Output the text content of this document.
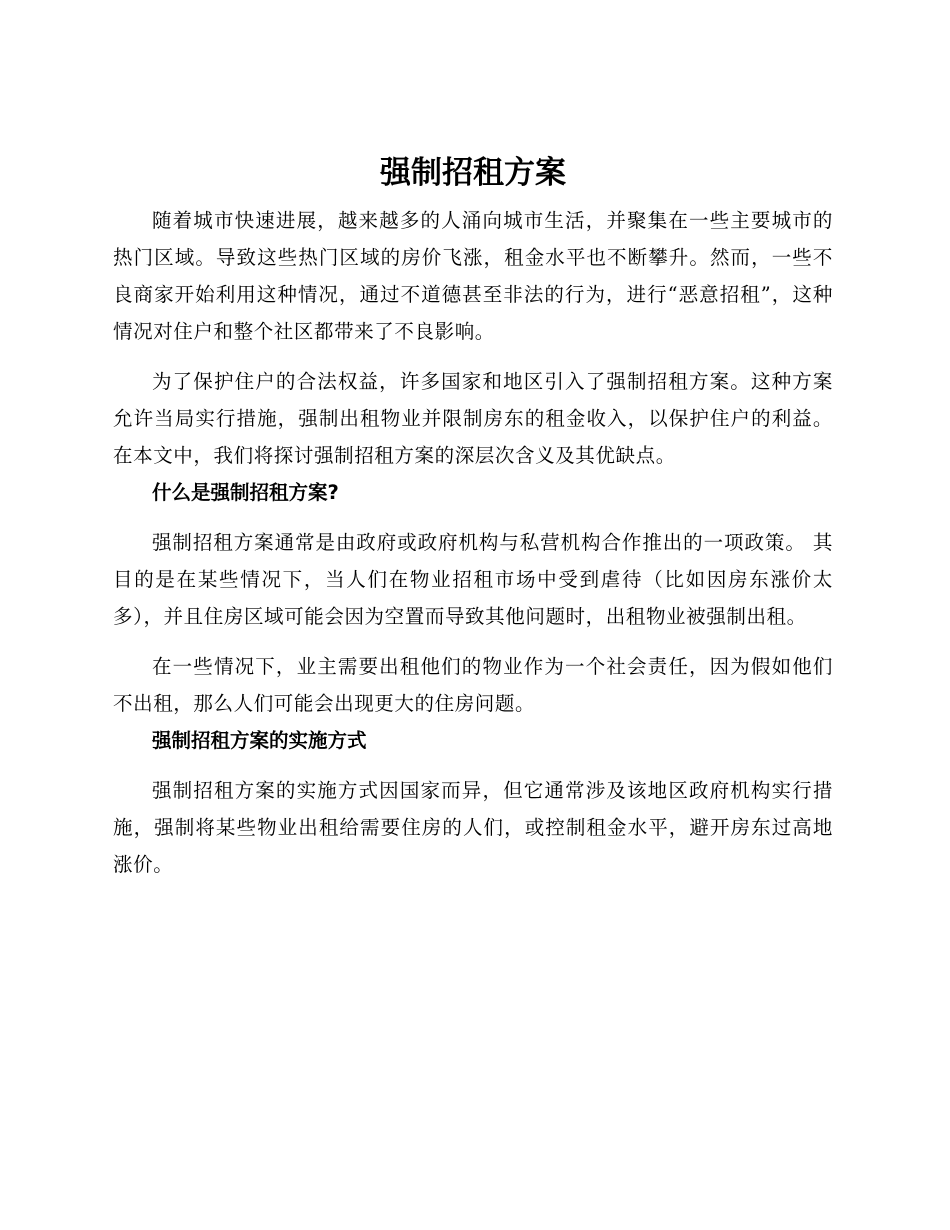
强制招租方案

随着城市快速进展，越来越多的人涌向城市生活，并聚集在一些主要城市的热门区域。导致这些热门区域的房价飞涨，租金水平也不断攀升。然而，一些不良商家开始利用这种情况，通过不道德甚至非法的行为，进行“恶意招租”，这种情况对住户和整个社区都带来了不良影响。

为了保护住户的合法权益，许多国家和地区引入了强制招租方案。这种方案允许当局实行措施，强制出租物业并限制房东的租金收入，以保护住户的利益。在本文中，我们将探讨强制招租方案的深层次含义及其优缺点。

什么是强制招租方案?

强制招租方案通常是由政府或政府机构与私营机构合作推出的一项政策。 其目的是在某些情况下，当人们在物业招租市场中受到虐待（比如因房东涨价太多），并且住房区域可能会因为空置而导致其他问题时，出租物业被强制出租。

在一些情况下，业主需要出租他们的物业作为一个社会责任，因为假如他们不出租，那么人们可能会出现更大的住房问题。

强制招租方案的实施方式

强制招租方案的实施方式因国家而异，但它通常涉及该地区政府机构实行措施，强制将某些物业出租给需要住房的人们，或控制租金水平，避开房东过高地涨价。
